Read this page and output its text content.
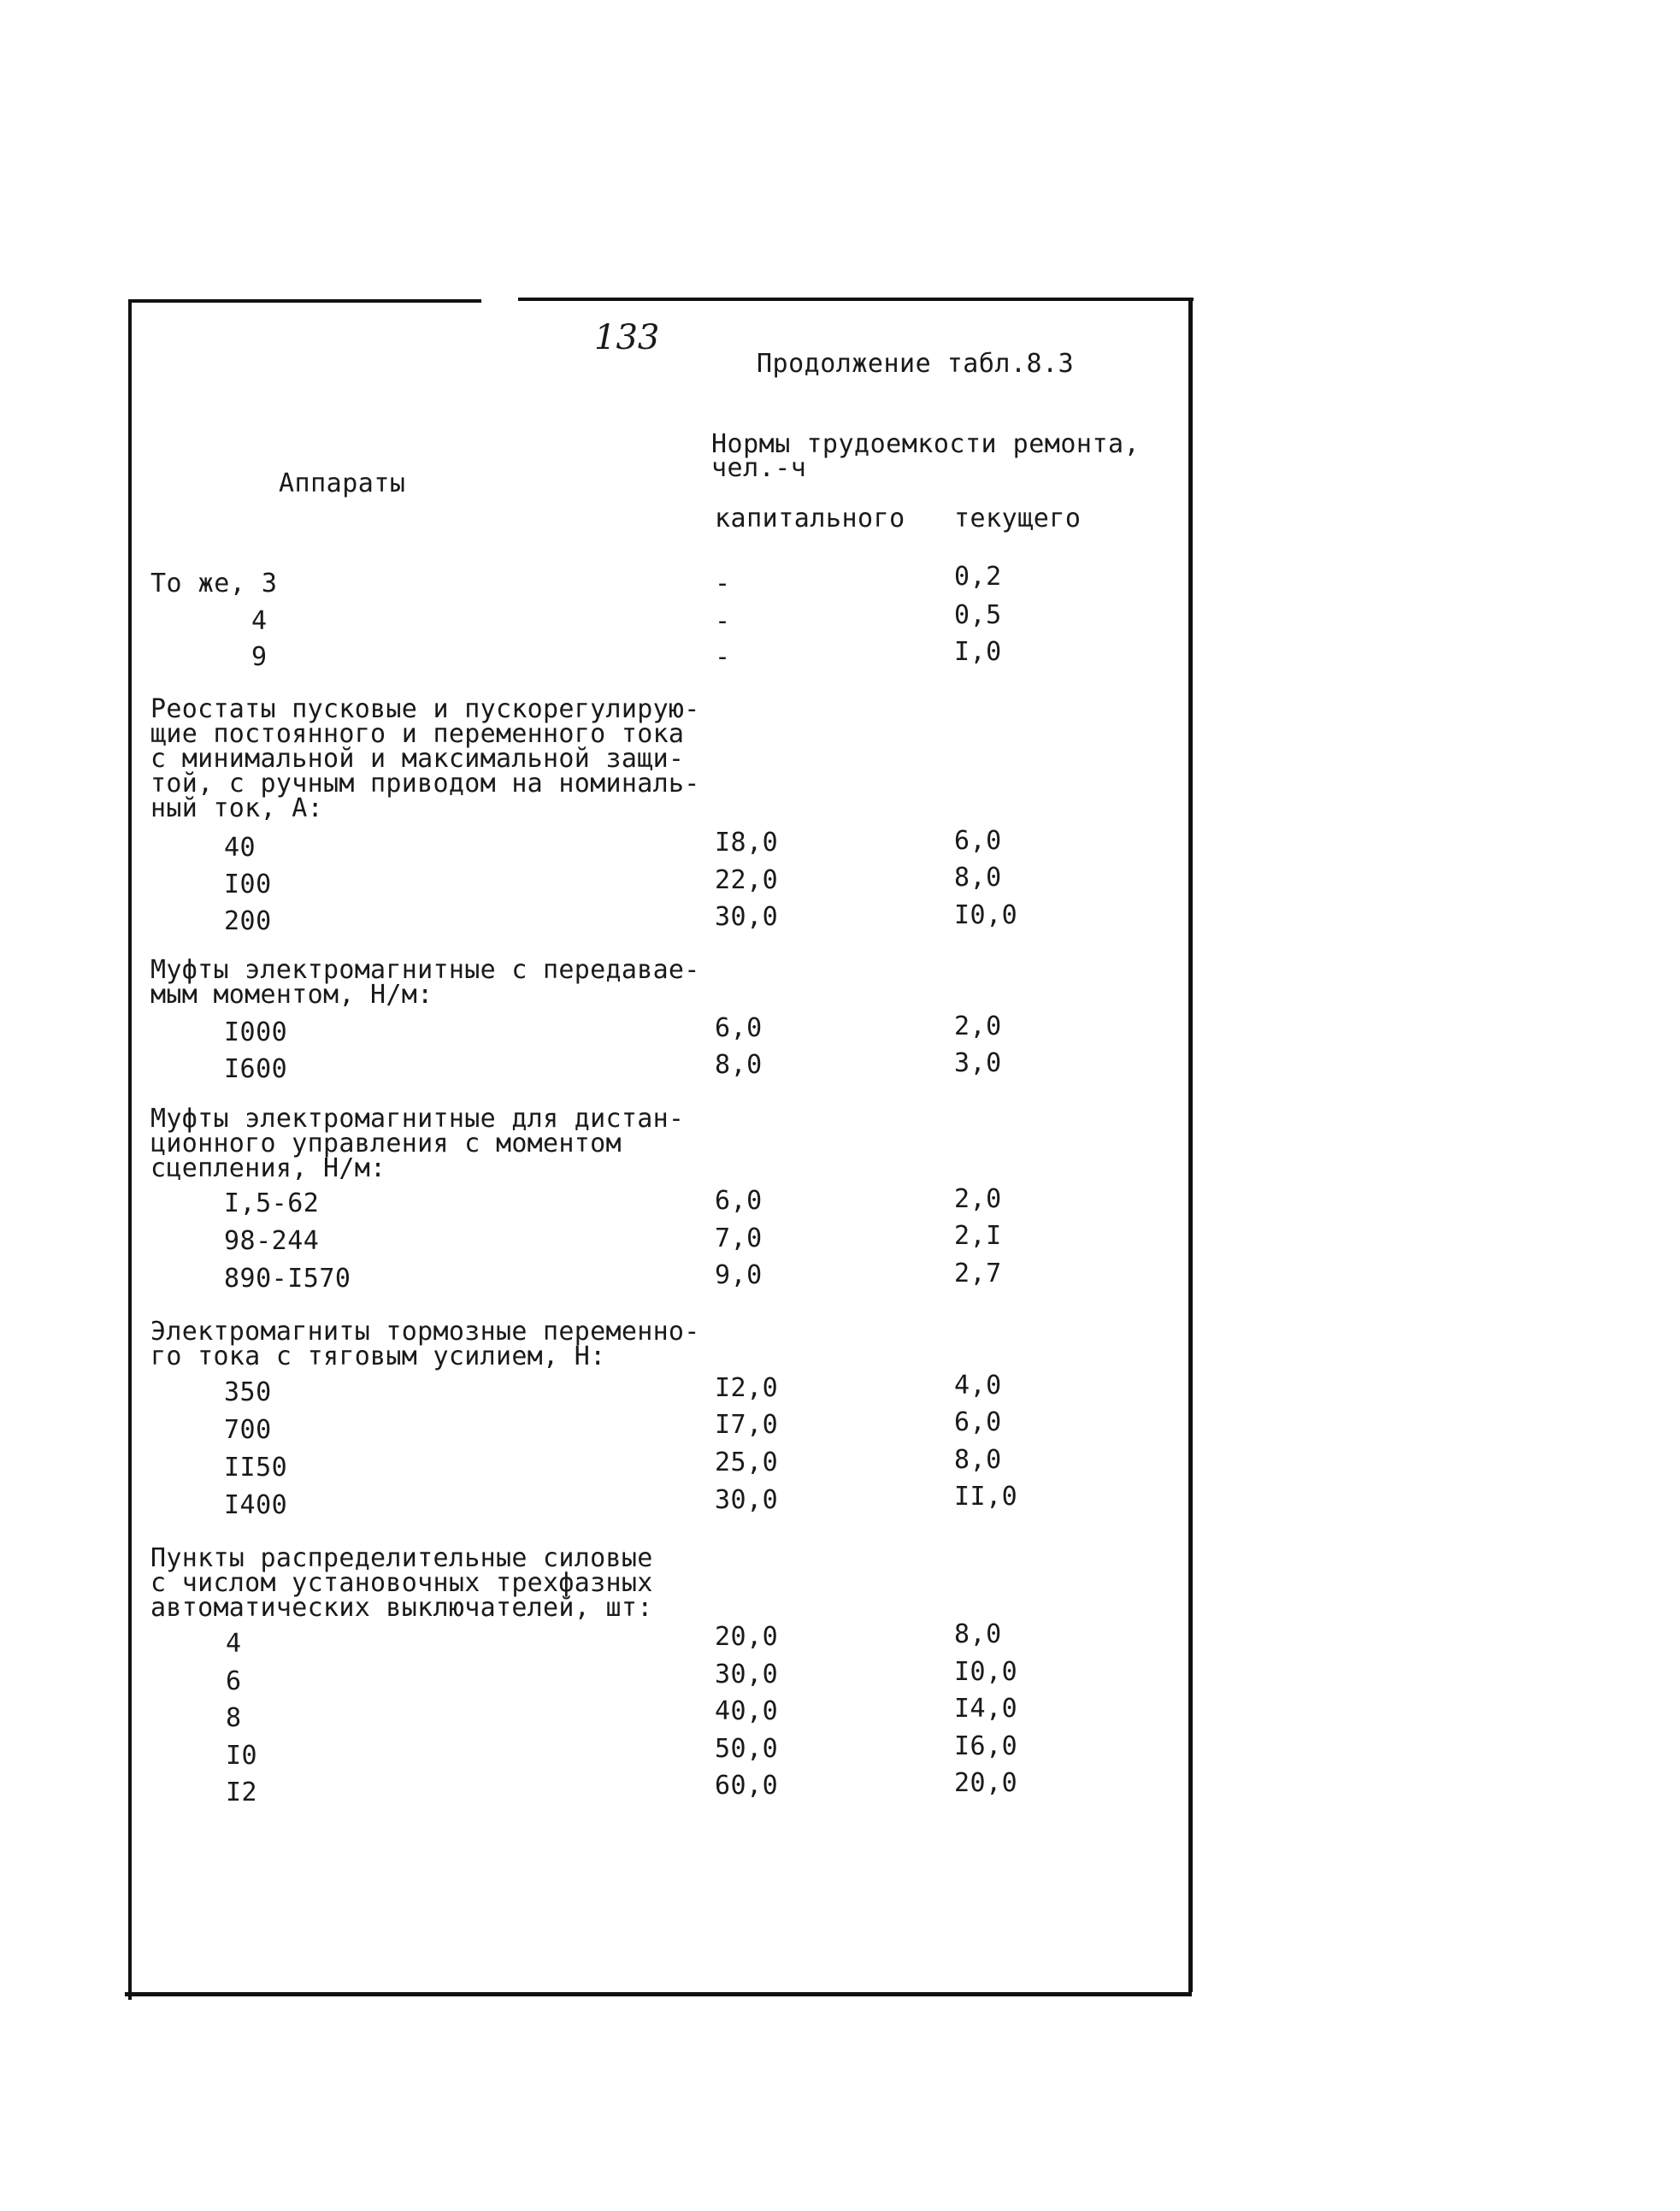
133
Продолжение табл.8.3
Аппараты
Нормы трудоемкости ремонта,
чел.-ч
капитального текущего
То же, 3	-	0,2
4	-	0,5
9	-	I,0
Реостаты пусковые и пускорегулирую-
щие постоянного и переменного тока
с минимальной и максимальной защи-
той, с ручным приводом на номиналь-
ный ток, А:
40	I8,0	6,0
I00	22,0	8,0
200	30,0	I0,0
Муфты электромагнитные с передавае-
мым моментом, Н/м:
I000	6,0	2,0
I600	8,0	3,0
Муфты электромагнитные для дистан-
ционного управления с моментом
сцепления, Н/м:
I,5-62	6,0	2,0
98-244	7,0	2,I
890-I570	9,0	2,7
Электромагниты тормозные переменно-
го тока с тяговым усилием, Н:
350	I2,0	4,0
700	I7,0	6,0
II50	25,0	8,0
I400	30,0	II,0
Пункты распределительные силовые
с числом установочных трехфазных
автоматических выключателей, шт:
4	20,0	8,0
6	30,0	I0,0
8	40,0	I4,0
I0	50,0	I6,0
I2	60,0	20,0
